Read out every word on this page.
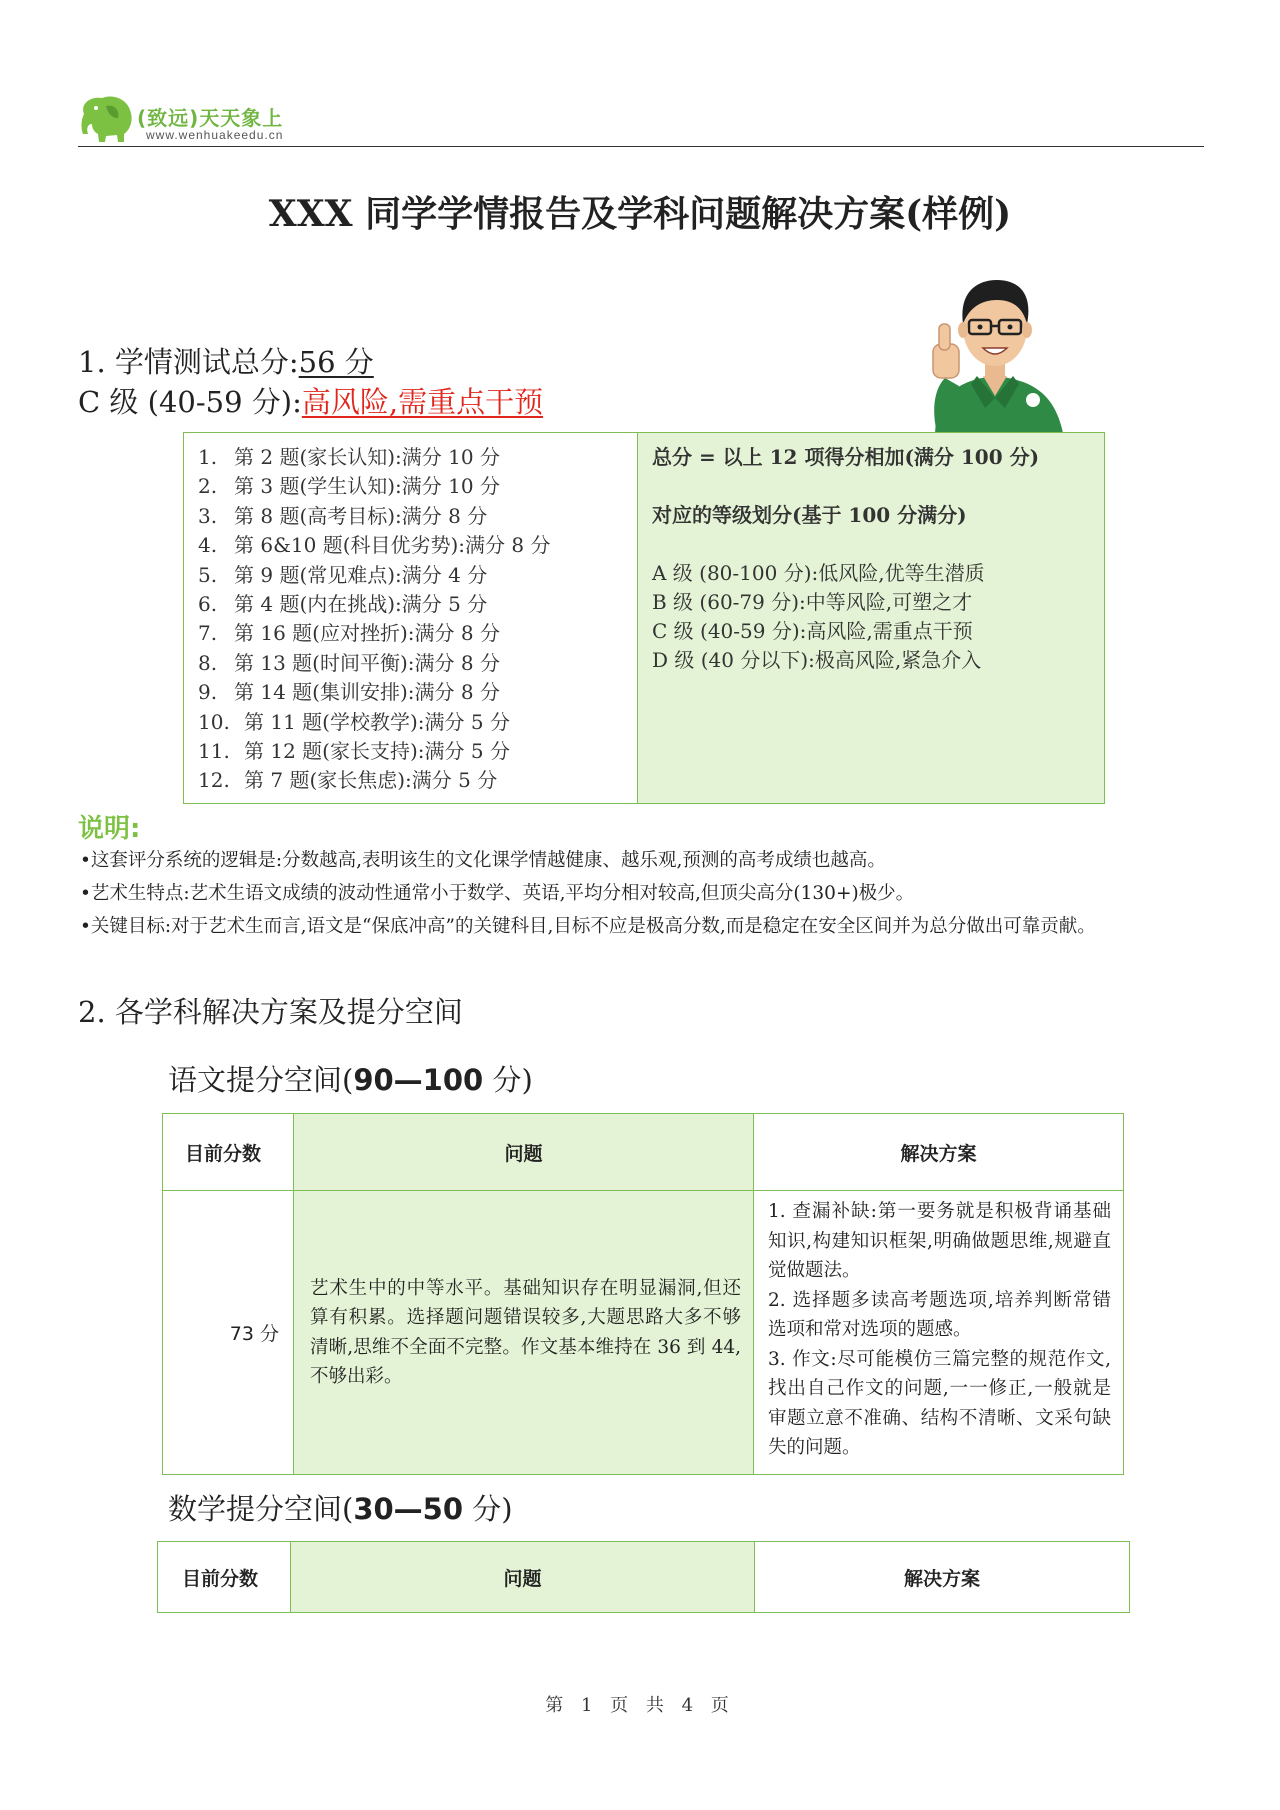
(致远)天天象上
www.wenhuakeedu.cn
XXX 同学学情报告及学科问题解决方案(样例)
1. 学情测试总分:56 分
C 级 (40-59 分):高风险,需重点干预
1. 第 2 题(家长认知):满分 10 分
2. 第 3 题(学生认知):满分 10 分
3. 第 8 题(高考目标):满分 8 分
4. 第 6&10 题(科目优劣势):满分 8 分
5. 第 9 题(常见难点):满分 4 分
6. 第 4 题(内在挑战):满分 5 分
7. 第 16 题(应对挫折):满分 8 分
8. 第 13 题(时间平衡):满分 8 分
9. 第 14 题(集训安排):满分 8 分
10. 第 11 题(学校教学):满分 5 分
11. 第 12 题(家长支持):满分 5 分
12. 第 7 题(家长焦虑):满分 5 分
总分 = 以上 12 项得分相加(满分 100 分)
对应的等级划分(基于 100 分满分)
A 级 (80-100 分):低风险,优等生潜质
B 级 (60-79 分):中等风险,可塑之才
C 级 (40-59 分):高风险,需重点干预
D 级 (40 分以下):极高风险,紧急介入
说明:

•这套评分系统的逻辑是:分数越高,表明该生的文化课学情越健康、越乐观,预测的高考成绩也越高。

•艺术生特点:艺术生语文成绩的波动性通常小于数学、英语,平均分相对较高,但顶尖高分(130+)极少。

•关键目标:对于艺术生而言,语文是“保底冲高”的关键科目,目标不应是极高分数,而是稳定在安全区间并为总分做出可靠贡献。

2. 各学科解决方案及提分空间
语文提分空间(90—100 分)
目前分数	问题	解决方案
73 分	艺术生中的中等水平。基础知识存在明显漏洞,但还算有积累。选择题问题错误较多,大题思路大多不够清晰,思维不全面不完整。作文基本维持在 36 到 44,不够出彩。	1. 查漏补缺:第一要务就是积极背诵基础知识,构建知识框架,明确做题思维,规避直觉做题法。
2. 选择题多读高考题选项,培养判断常错选项和常对选项的题感。
3. 作文:尽可能模仿三篇完整的规范作文,找出自己作文的问题,一一修正,一般就是审题立意不准确、结构不清晰、文采句缺失的问题。
数学提分空间(30—50 分)
目前分数	问题	解决方案
第 1 页 共 4 页
